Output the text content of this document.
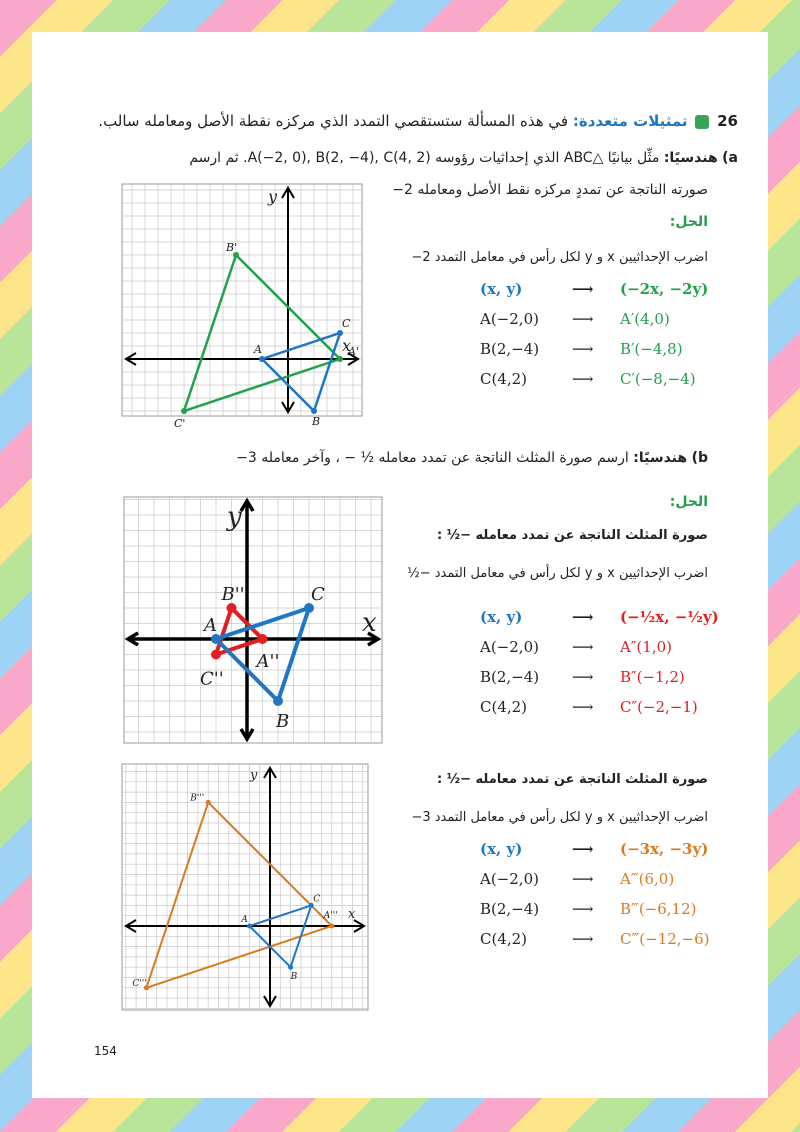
26  تمثيلات متعددة: في هذه المسألة ستستقصي التمدد الذي مركزه نقطة الأصل ومعامله سالب.
a) هندسيًا: مثِّل بيانيًا △ABC الذي إحداثيات رؤوسه A(−2, 0), B(2, −4), C(4, 2). ثم ارسم
صورته الناتجة عن تمددٍ مركزه نقط الأصل ومعامله 2−
A
B
C
A'
B'
C'
x
y
الحل:
اضرب الإحداثيين x و y لكل رأس في معامل التمدد 2−
b) هندسيًا: ارسم صورة المثلث الناتجة عن تمدد معامله ½ − ، وآخر معامله 3−
A
B
C
A''
B''
C''
x
y	الحل:
صورة المثلث الناتجة عن تمدد معامله −½ :
اضرب الإحداثيين x و y لكل رأس في معامل التمدد −½
A
B
C
A'''
B'''
C'''
x
y	صورة المثلث الناتجة عن تمدد معامله −½ :
اضرب الإحداثيين x و y لكل رأس في معامل التمدد 3−
154
(x, y)	⟶ (−2x, −2y)
A(−2,0) ⟶ A′(4,0)
B(2,−4) ⟶ B′(−4,8)
C(4,2)	⟶ C′(−8,−4)
(x, y)	⟶ (−½x, −½y)
A(−2,0) ⟶ A″(1,0)
B(2,−4) ⟶ B″(−1,2)
C(4,2)	⟶ C″(−2,−1)
(x, y)	⟶ (−3x, −3y)
A(−2,0) ⟶ A‴(6,0)
B(2,−4) ⟶ B‴(−6,12)
C(4,2)	⟶ C‴(−12,−6)
